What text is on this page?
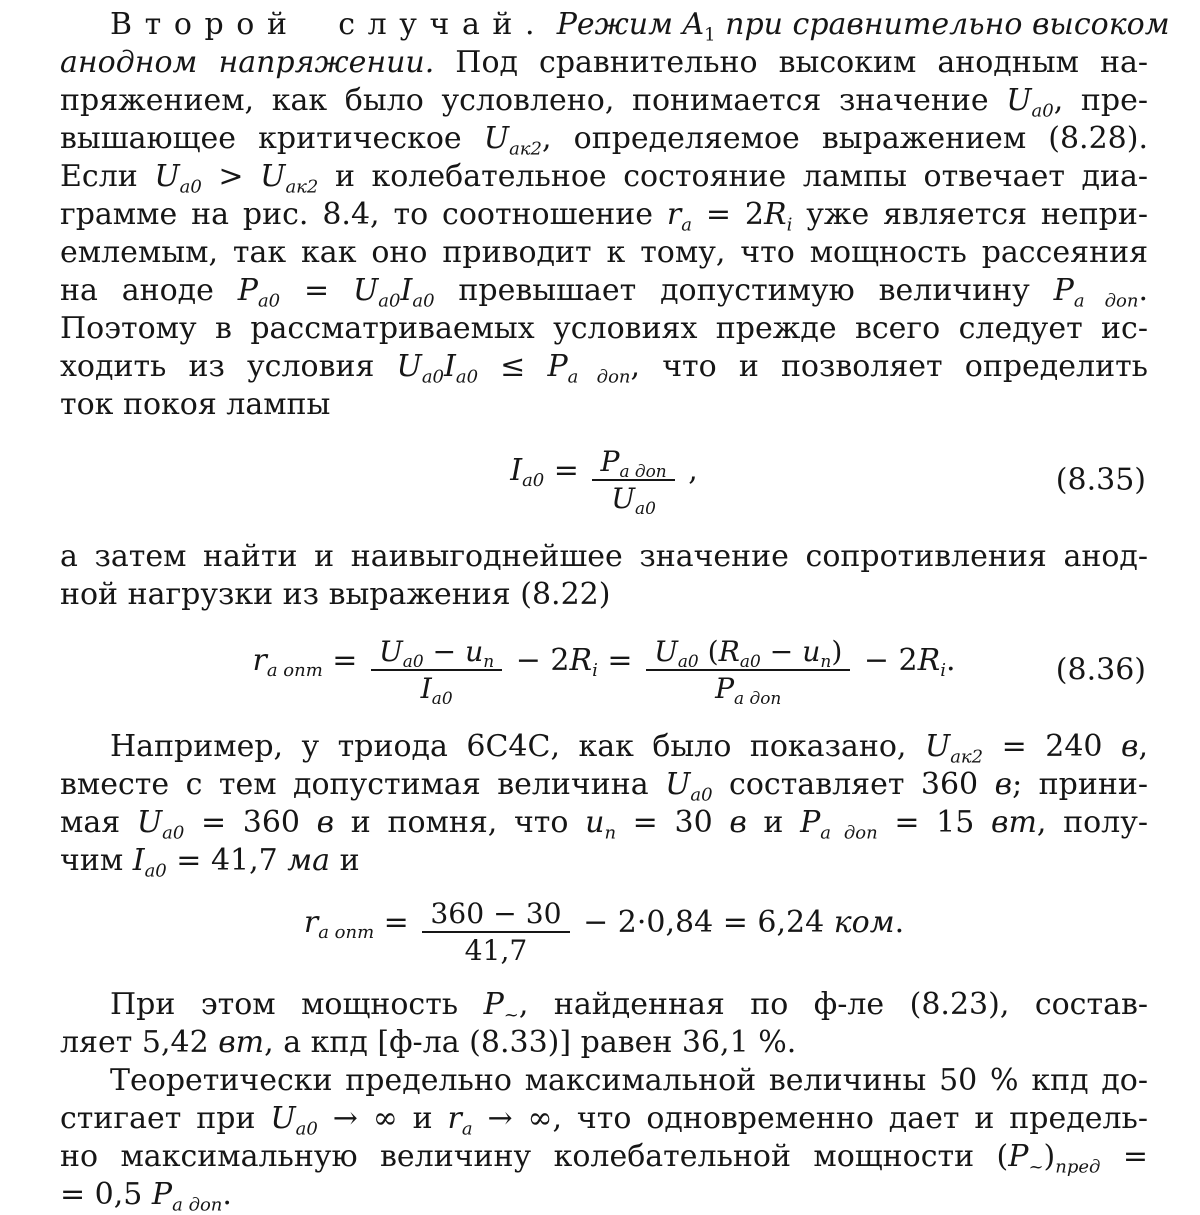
Второй случай. Режим $A_1$ при сравнительно высоком
анодном напряжении. Под сравнительно высоким анодным на-
пряжением, как было условлено, понимается значение $U_{а0}$, пре-
вышающее критическое $U_{ак2}$, определяемое выражением (8.28).
Если $U_{а0} > U_{ак2}$ и колебательное состояние лампы отвечает диа-
грамме на рис. 8.4, то соотношение $r_а = 2R_i$ уже является непри-
емлемым, так как оно приводит к тому, что мощность рассеяния
на аноде $P_{а0} = U_{а0}I_{а0}$ превышает допустимую величину $P_{а доп}$.
Поэтому в рассматриваемых условиях прежде всего следует ис-
ходить из условия $U_{а0}I_{а0} \le P_{а доп}$, что и позволяет определить
ток покоя лампы
$I_{а0} = \frac{P_{а доп}}{U_{а0}}$ ,	(8.35)
а затем найти и наивыгоднейшее значение сопротивления анод-
ной нагрузки из выражения (8.22)
$r_{а опт} = \frac{U_{а0} - u_п}{I_{а0}} - 2R_i = \frac{U_{а0} (R_{а0} - u_п)}{P_{а доп}} - 2R_i$.	(8.36)
Например, у триода 6С4С, как было показано, $U_{ак2} = 240$ в,
вместе с тем допустимая величина $U_{а0}$ составляет 360 в; прини-
мая $U_{а0} = 360$ в и помня, что $u_п = 30$ в и $P_{а доп} = 15$ вт, полу-
чим $I_{а0} = 41,7$ ма и
$r_{а опт} = \frac{360 - 30}{41,7} - 2\cdot 0,84 = 6,24$ ком.
При этом мощность $P_\sim$, найденная по ф-ле (8.23), состав-
ляет 5,42 вт, а кпд [ф-ла (8.33)] равен 36,1 %.
Теоретически предельно максимальной величины 50 % кпд до-
стигает при $U_{а0}$ → ∞ и $r_а$ → ∞, что одновременно дает и предель-
но максимальную величину колебательной мощности $(P_\sim)_{пред}$ =
= 0,5 $P_{а доп}$.
